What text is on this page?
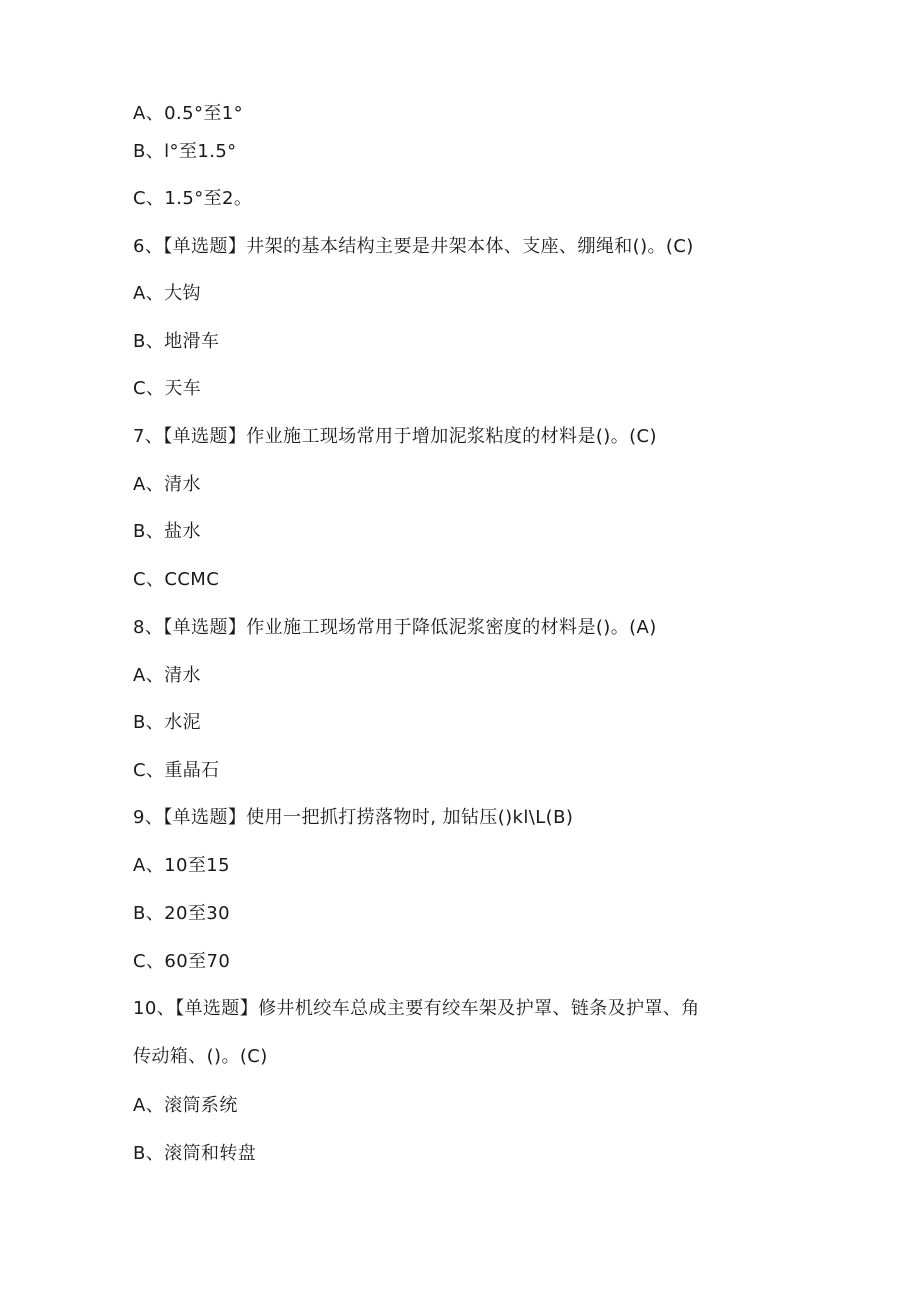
A、0.5°至1°
B、l°至1.5°
C、1.5°至2。
6、【单选题】井架的基本结构主要是井架本体、支座、绷绳和()。(C)
A、大钩
B、地滑车
C、天车
7、【单选题】作业施工现场常用于增加泥浆粘度的材料是()。(C)
A、清水
B、盐水
C、CCMC
8、【单选题】作业施工现场常用于降低泥浆密度的材料是()。(A)
A、清水
B、水泥
C、重晶石
9、【单选题】使用一把抓打捞落物时, 加钻压()kl\L(B)
A、10至15
B、20至30
C、60至70
10、【单选题】修井机绞车总成主要有绞车架及护罩、链条及护罩、角
传动箱、()。(C)
A、滚筒系统
B、滚筒和转盘
